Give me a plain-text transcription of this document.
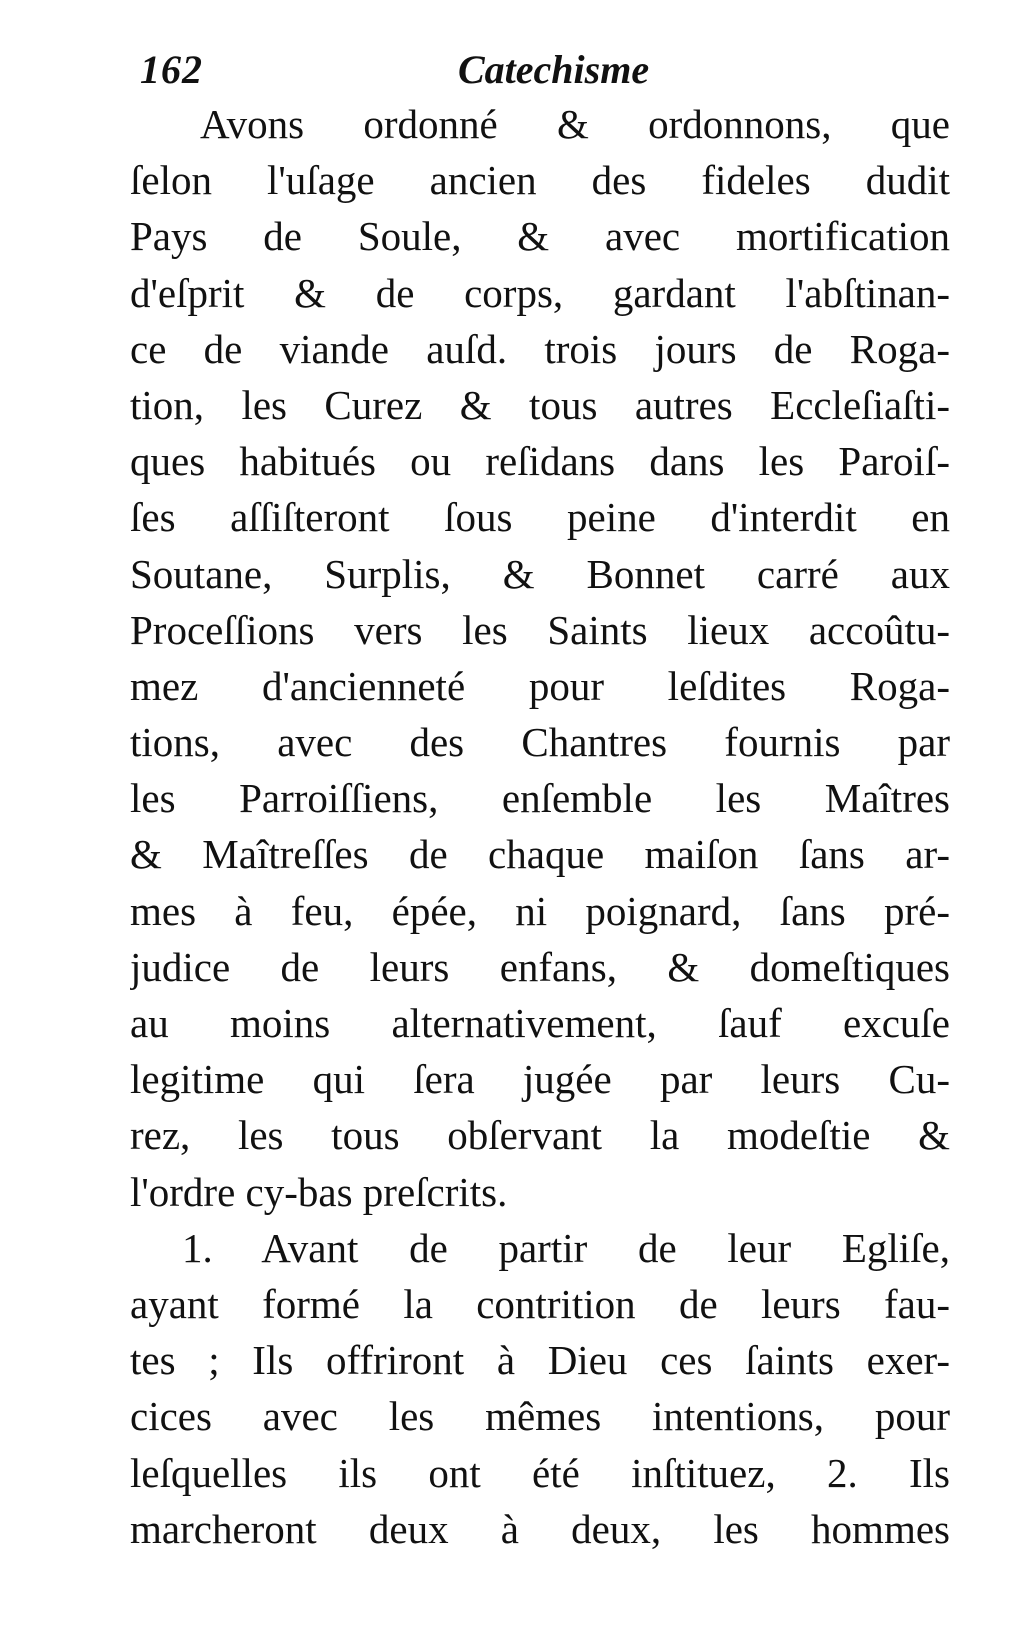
162	Catechisme
Avons ordonné & ordonnons, que
ſelon l'uſage ancien des fideles dudit
Pays de Soule, & avec mortification
d'eſprit & de corps, gardant l'abſtinan-
ce de viande auſd. trois jours de Roga-
tion, les Curez & tous autres Eccleſiaſti-
ques habitués ou reſidans dans les Paroiſ-
ſes aſſiſteront ſous peine d'interdit en
Soutane, Surplis, & Bonnet carré aux
Proceſſions vers les Saints lieux accoûtu-
mez d'ancienneté pour leſdites Roga-
tions, avec des Chantres fournis par
les Parroiſſiens, enſemble les Maîtres
& Maîtreſſes de chaque maiſon ſans ar-
mes à feu, épée, ni poignard, ſans pré-
judice de leurs enfans, & domeſtiques
au moins alternativement, ſauf excuſe
legitime qui ſera jugée par leurs Cu-
rez, les tous obſervant la modeſtie &
l'ordre cy-bas preſcrits.
1. Avant de partir de leur Egliſe,
ayant formé la contrition de leurs fau-
tes ; Ils offriront à Dieu ces ſaints exer-
cices avec les mêmes intentions, pour
leſquelles ils ont été inſtituez, 2. Ils
marcheront deux à deux, les hommes
